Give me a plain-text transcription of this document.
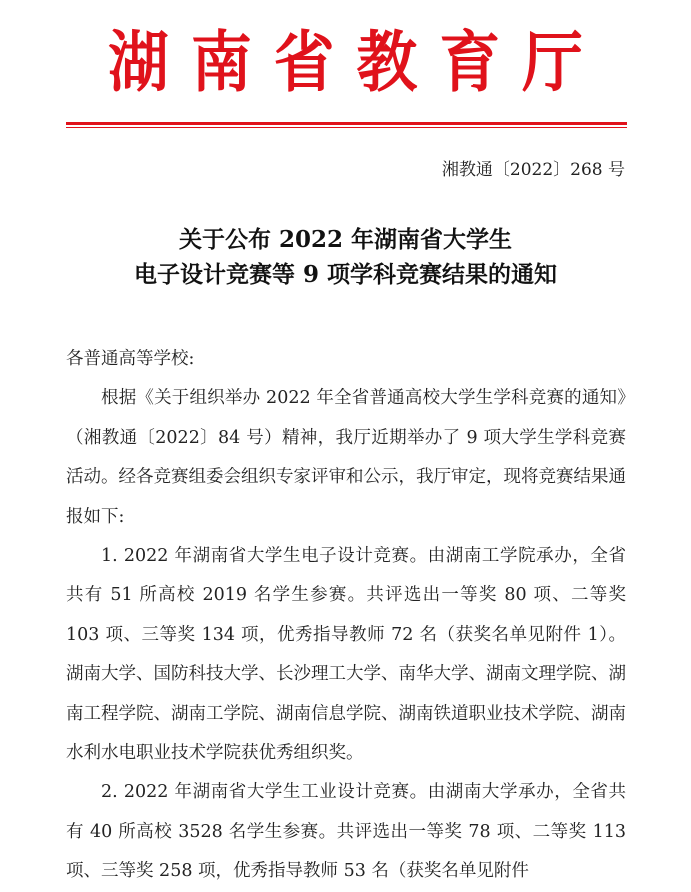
湖南省教育厅
湘教通〔2022〕268 号
关于公布 2022 年湖南省大学生
电子设计竞赛等 9 项学科竞赛结果的通知

各普通高等学校:

根据《关于组织举办 2022 年全省普通高校大学生学科竞赛的通知》（湘教通〔2022〕84 号）精神，我厅近期举办了 9 项大学生学科竞赛活动。经各竞赛组委会组织专家评审和公示，我厅审定，现将竞赛结果通报如下:

1. 2022 年湖南省大学生电子设计竞赛。由湖南工学院承办，全省共有 51 所高校 2019 名学生参赛。共评选出一等奖 80 项、二等奖 103 项、三等奖 134 项，优秀指导教师 72 名（获奖名单见附件 1）。湖南大学、国防科技大学、长沙理工大学、南华大学、湖南文理学院、湖南工程学院、湖南工学院、湖南信息学院、湖南铁道职业技术学院、湖南水利水电职业技术学院获优秀组织奖。

2. 2022 年湖南省大学生工业设计竞赛。由湖南大学承办，全省共有 40 所高校 3528 名学生参赛。共评选出一等奖 78 项、二等奖 113 项、三等奖 258 项，优秀指导教师 53 名（获奖名单见附件
